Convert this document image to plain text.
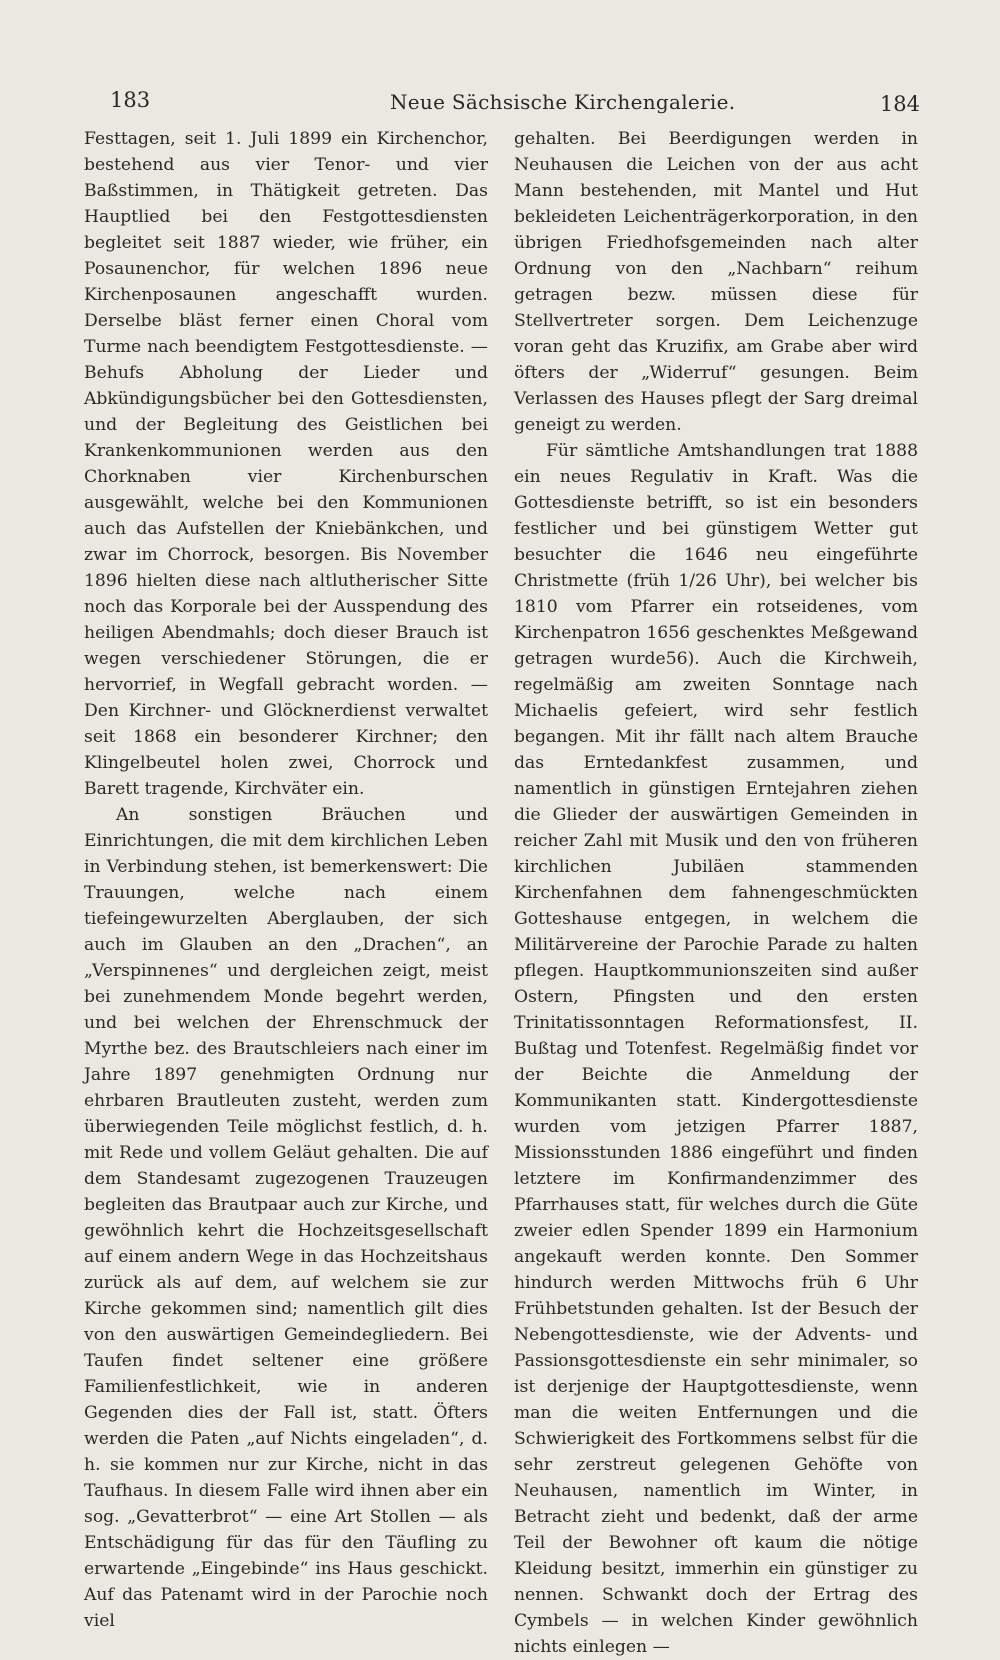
183	Neue Sächsische Kirchengalerie.	184

Festtagen, seit 1. Juli 1899 ein Kirchenchor, bestehend aus vier Tenor- und vier Baßstimmen, in Thätigkeit getreten. Das Hauptlied bei den Festgottesdiensten begleitet seit 1887 wieder, wie früher, ein Posaunenchor, für welchen 1896 neue Kirchenposaunen angeschafft wurden. Derselbe bläst ferner einen Choral vom Turme nach beendigtem Festgottesdienste. — Behufs Abholung der Lieder und Abkündigungsbücher bei den Gottesdiensten, und der Begleitung des Geistlichen bei Krankenkommunionen werden aus den Chorknaben vier Kirchenburschen ausgewählt, welche bei den Kommunionen auch das Aufstellen der Kniebänkchen, und zwar im Chorrock, besorgen. Bis November 1896 hielten diese nach altlutherischer Sitte noch das Korporale bei der Ausspendung des heiligen Abendmahls; doch dieser Brauch ist wegen verschiedener Störungen, die er hervorrief, in Wegfall gebracht worden. — Den Kirchner- und Glöcknerdienst verwaltet seit 1868 ein besonderer Kirchner; den Klingelbeutel holen zwei, Chorrock und Barett tragende, Kirchväter ein.

An sonstigen Bräuchen und Einrichtungen, die mit dem kirchlichen Leben in Verbindung stehen, ist bemerkenswert: Die Trauungen, welche nach einem tiefeingewurzelten Aberglauben, der sich auch im Glauben an den „Drachen“, an „Verspinnenes“ und dergleichen zeigt, meist bei zunehmendem Monde begehrt werden, und bei welchen der Ehrenschmuck der Myrthe bez. des Brautschleiers nach einer im Jahre 1897 genehmigten Ordnung nur ehrbaren Brautleuten zusteht, werden zum überwiegenden Teile möglichst festlich, d. h. mit Rede und vollem Geläut gehalten. Die auf dem Standesamt zugezogenen Trauzeugen begleiten das Brautpaar auch zur Kirche, und gewöhnlich kehrt die Hochzeitsgesellschaft auf einem andern Wege in das Hochzeitshaus zurück als auf dem, auf welchem sie zur Kirche gekommen sind; namentlich gilt dies von den auswärtigen Gemeindegliedern. Bei Taufen findet seltener eine größere Familienfestlichkeit, wie in anderen Gegenden dies der Fall ist, statt. Öfters werden die Paten „auf Nichts eingeladen“, d. h. sie kommen nur zur Kirche, nicht in das Taufhaus. In diesem Falle wird ihnen aber ein sog. „Gevatterbrot“ — eine Art Stollen — als Entschädigung für das für den Täufling zu erwartende „Eingebinde“ ins Haus geschickt. Auf das Patenamt wird in der Parochie noch viel

gehalten. Bei Beerdigungen werden in Neuhausen die Leichen von der aus acht Mann bestehenden, mit Mantel und Hut bekleideten Leichenträgerkorporation, in den übrigen Friedhofsgemeinden nach alter Ordnung von den „Nachbarn“ reihum getragen bezw. müssen diese für Stellvertreter sorgen. Dem Leichenzuge voran geht das Kruzifix, am Grabe aber wird öfters der „Widerruf“ gesungen. Beim Verlassen des Hauses pflegt der Sarg dreimal geneigt zu werden.

Für sämtliche Amtshandlungen trat 1888 ein neues Regulativ in Kraft. Was die Gottesdienste betrifft, so ist ein besonders festlicher und bei günstigem Wetter gut besuchter die 1646 neu eingeführte Christmette (früh 1/26 Uhr), bei welcher bis 1810 vom Pfarrer ein rotseidenes, vom Kirchenpatron 1656 geschenktes Meßgewand getragen wurde56). Auch die Kirchweih, regelmäßig am zweiten Sonntage nach Michaelis gefeiert, wird sehr festlich begangen. Mit ihr fällt nach altem Brauche das Erntedankfest zusammen, und namentlich in günstigen Erntejahren ziehen die Glieder der auswärtigen Gemeinden in reicher Zahl mit Musik und den von früheren kirchlichen Jubiläen stammenden Kirchenfahnen dem fahnengeschmückten Gotteshause entgegen, in welchem die Militärvereine der Parochie Parade zu halten pflegen. Hauptkommunionszeiten sind außer Ostern, Pfingsten und den ersten Trinitatissonntagen Reformationsfest, II. Bußtag und Totenfest. Regelmäßig findet vor der Beichte die Anmeldung der Kommunikanten statt. Kindergottesdienste wurden vom jetzigen Pfarrer 1887, Missionsstunden 1886 eingeführt und finden letztere im Konfirmandenzimmer des Pfarrhauses statt, für welches durch die Güte zweier edlen Spender 1899 ein Harmonium angekauft werden konnte. Den Sommer hindurch werden Mittwochs früh 6 Uhr Frühbetstunden gehalten. Ist der Besuch der Nebengottesdienste, wie der Advents- und Passionsgottesdienste ein sehr minimaler, so ist derjenige der Hauptgottesdienste, wenn man die weiten Entfernungen und die Schwierigkeit des Fortkommens selbst für die sehr zerstreut gelegenen Gehöfte von Neuhausen, namentlich im Winter, in Betracht zieht und bedenkt, daß der arme Teil der Bewohner oft kaum die nötige Kleidung besitzt, immerhin ein günstiger zu nennen. Schwankt doch der Ertrag des Cymbels — in welchen Kinder gewöhnlich nichts einlegen —
